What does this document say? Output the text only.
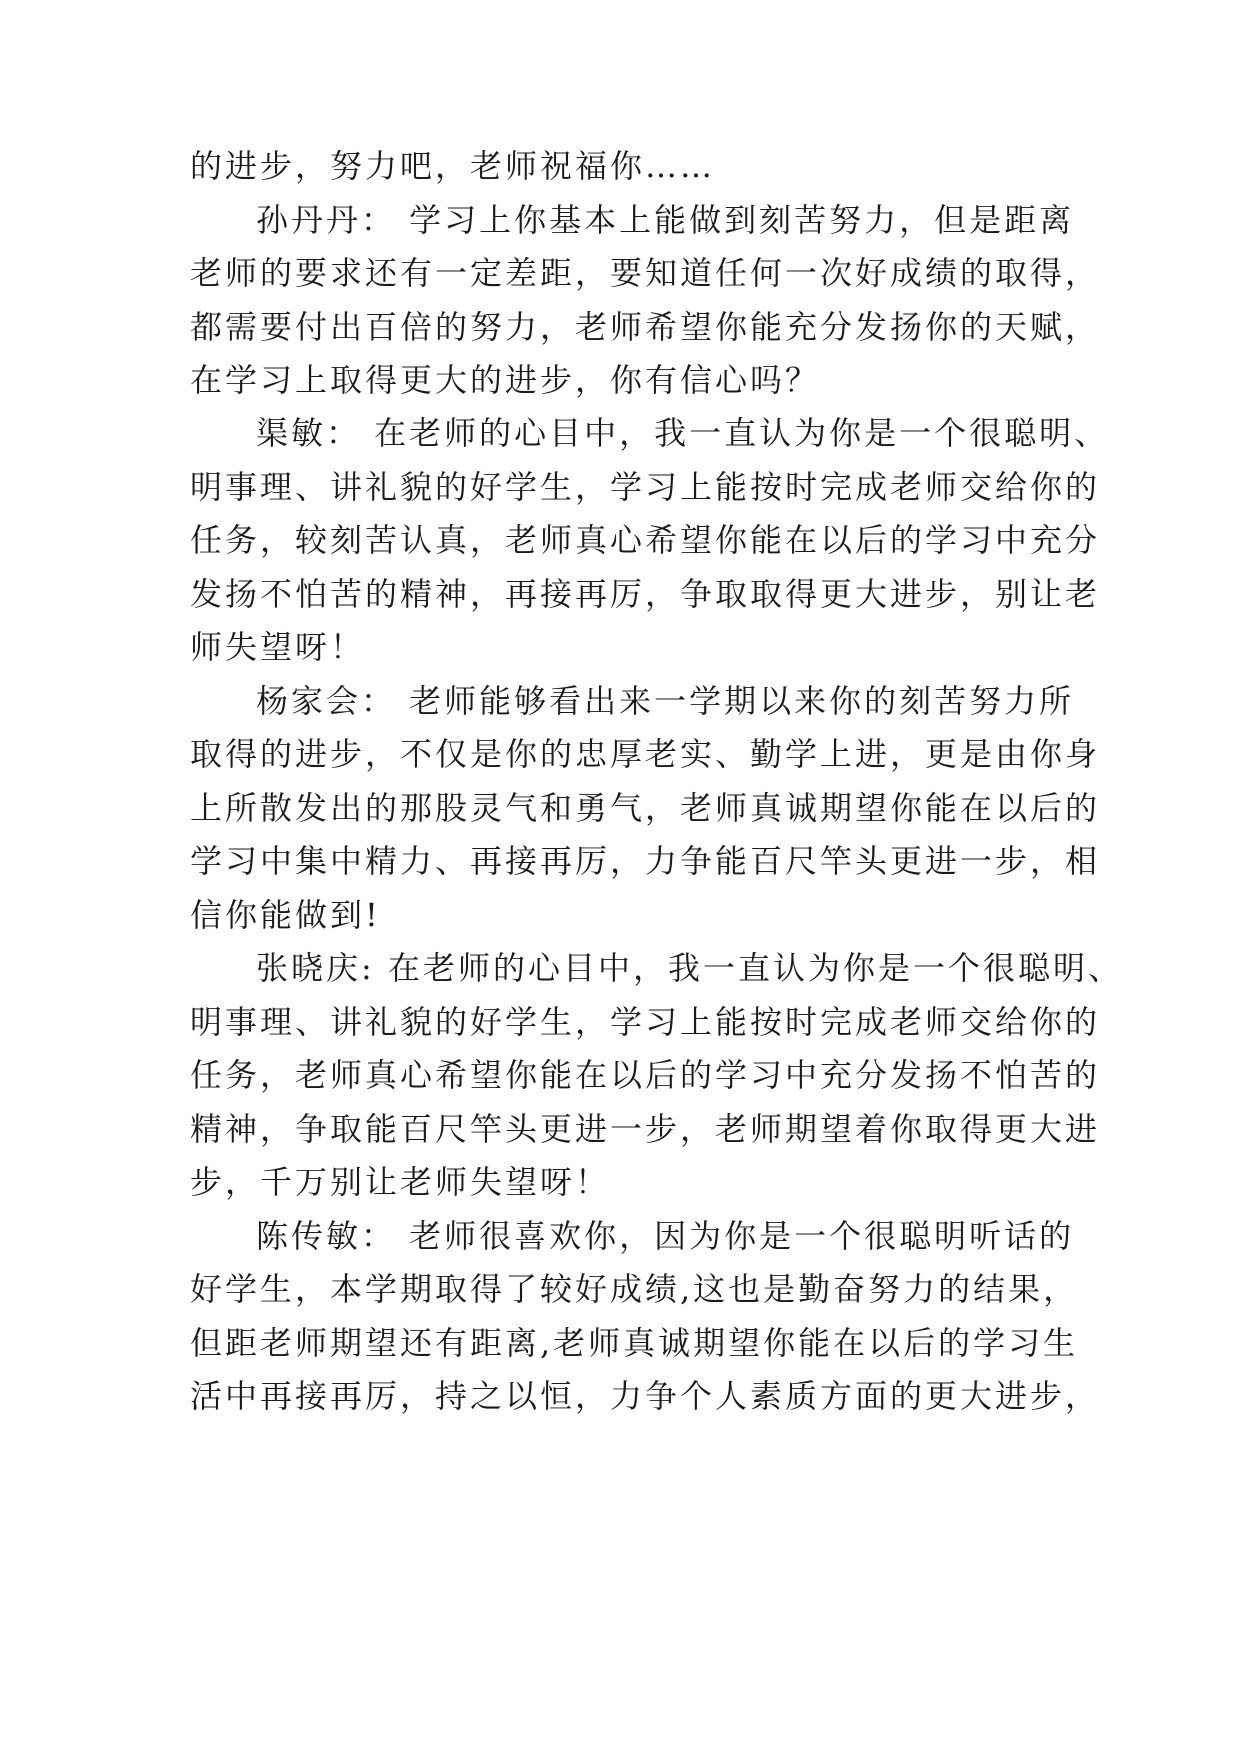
的进步，努力吧，老师祝福你……
孙丹丹： 学习上你基本上能做到刻苦努力，但是距离
老师的要求还有一定差距，要知道任何一次好成绩的取得，
都需要付出百倍的努力，老师希望你能充分发扬你的天赋，
在学习上取得更大的进步，你有信心吗？
渠敏： 在老师的心目中，我一直认为你是一个很聪明、
明事理、讲礼貌的好学生，学习上能按时完成老师交给你的
任务，较刻苦认真，老师真心希望你能在以后的学习中充分
发扬不怕苦的精神，再接再厉，争取取得更大进步，别让老
师失望呀！
杨家会： 老师能够看出来一学期以来你的刻苦努力所
取得的进步，不仅是你的忠厚老实、勤学上进，更是由你身
上所散发出的那股灵气和勇气，老师真诚期望你能在以后的
学习中集中精力、再接再厉，力争能百尺竿头更进一步，相
信你能做到!
张晓庆: 在老师的心目中，我一直认为你是一个很聪明、
明事理、讲礼貌的好学生，学习上能按时完成老师交给你的
任务，老师真心希望你能在以后的学习中充分发扬不怕苦的
精神，争取能百尺竿头更进一步，老师期望着你取得更大进
步，千万别让老师失望呀！
陈传敏： 老师很喜欢你，因为你是一个很聪明听话的
好学生，本学期取得了较好成绩,这也是勤奋努力的结果，
但距老师期望还有距离,老师真诚期望你能在以后的学习生
活中再接再厉，持之以恒，力争个人素质方面的更大进步，
